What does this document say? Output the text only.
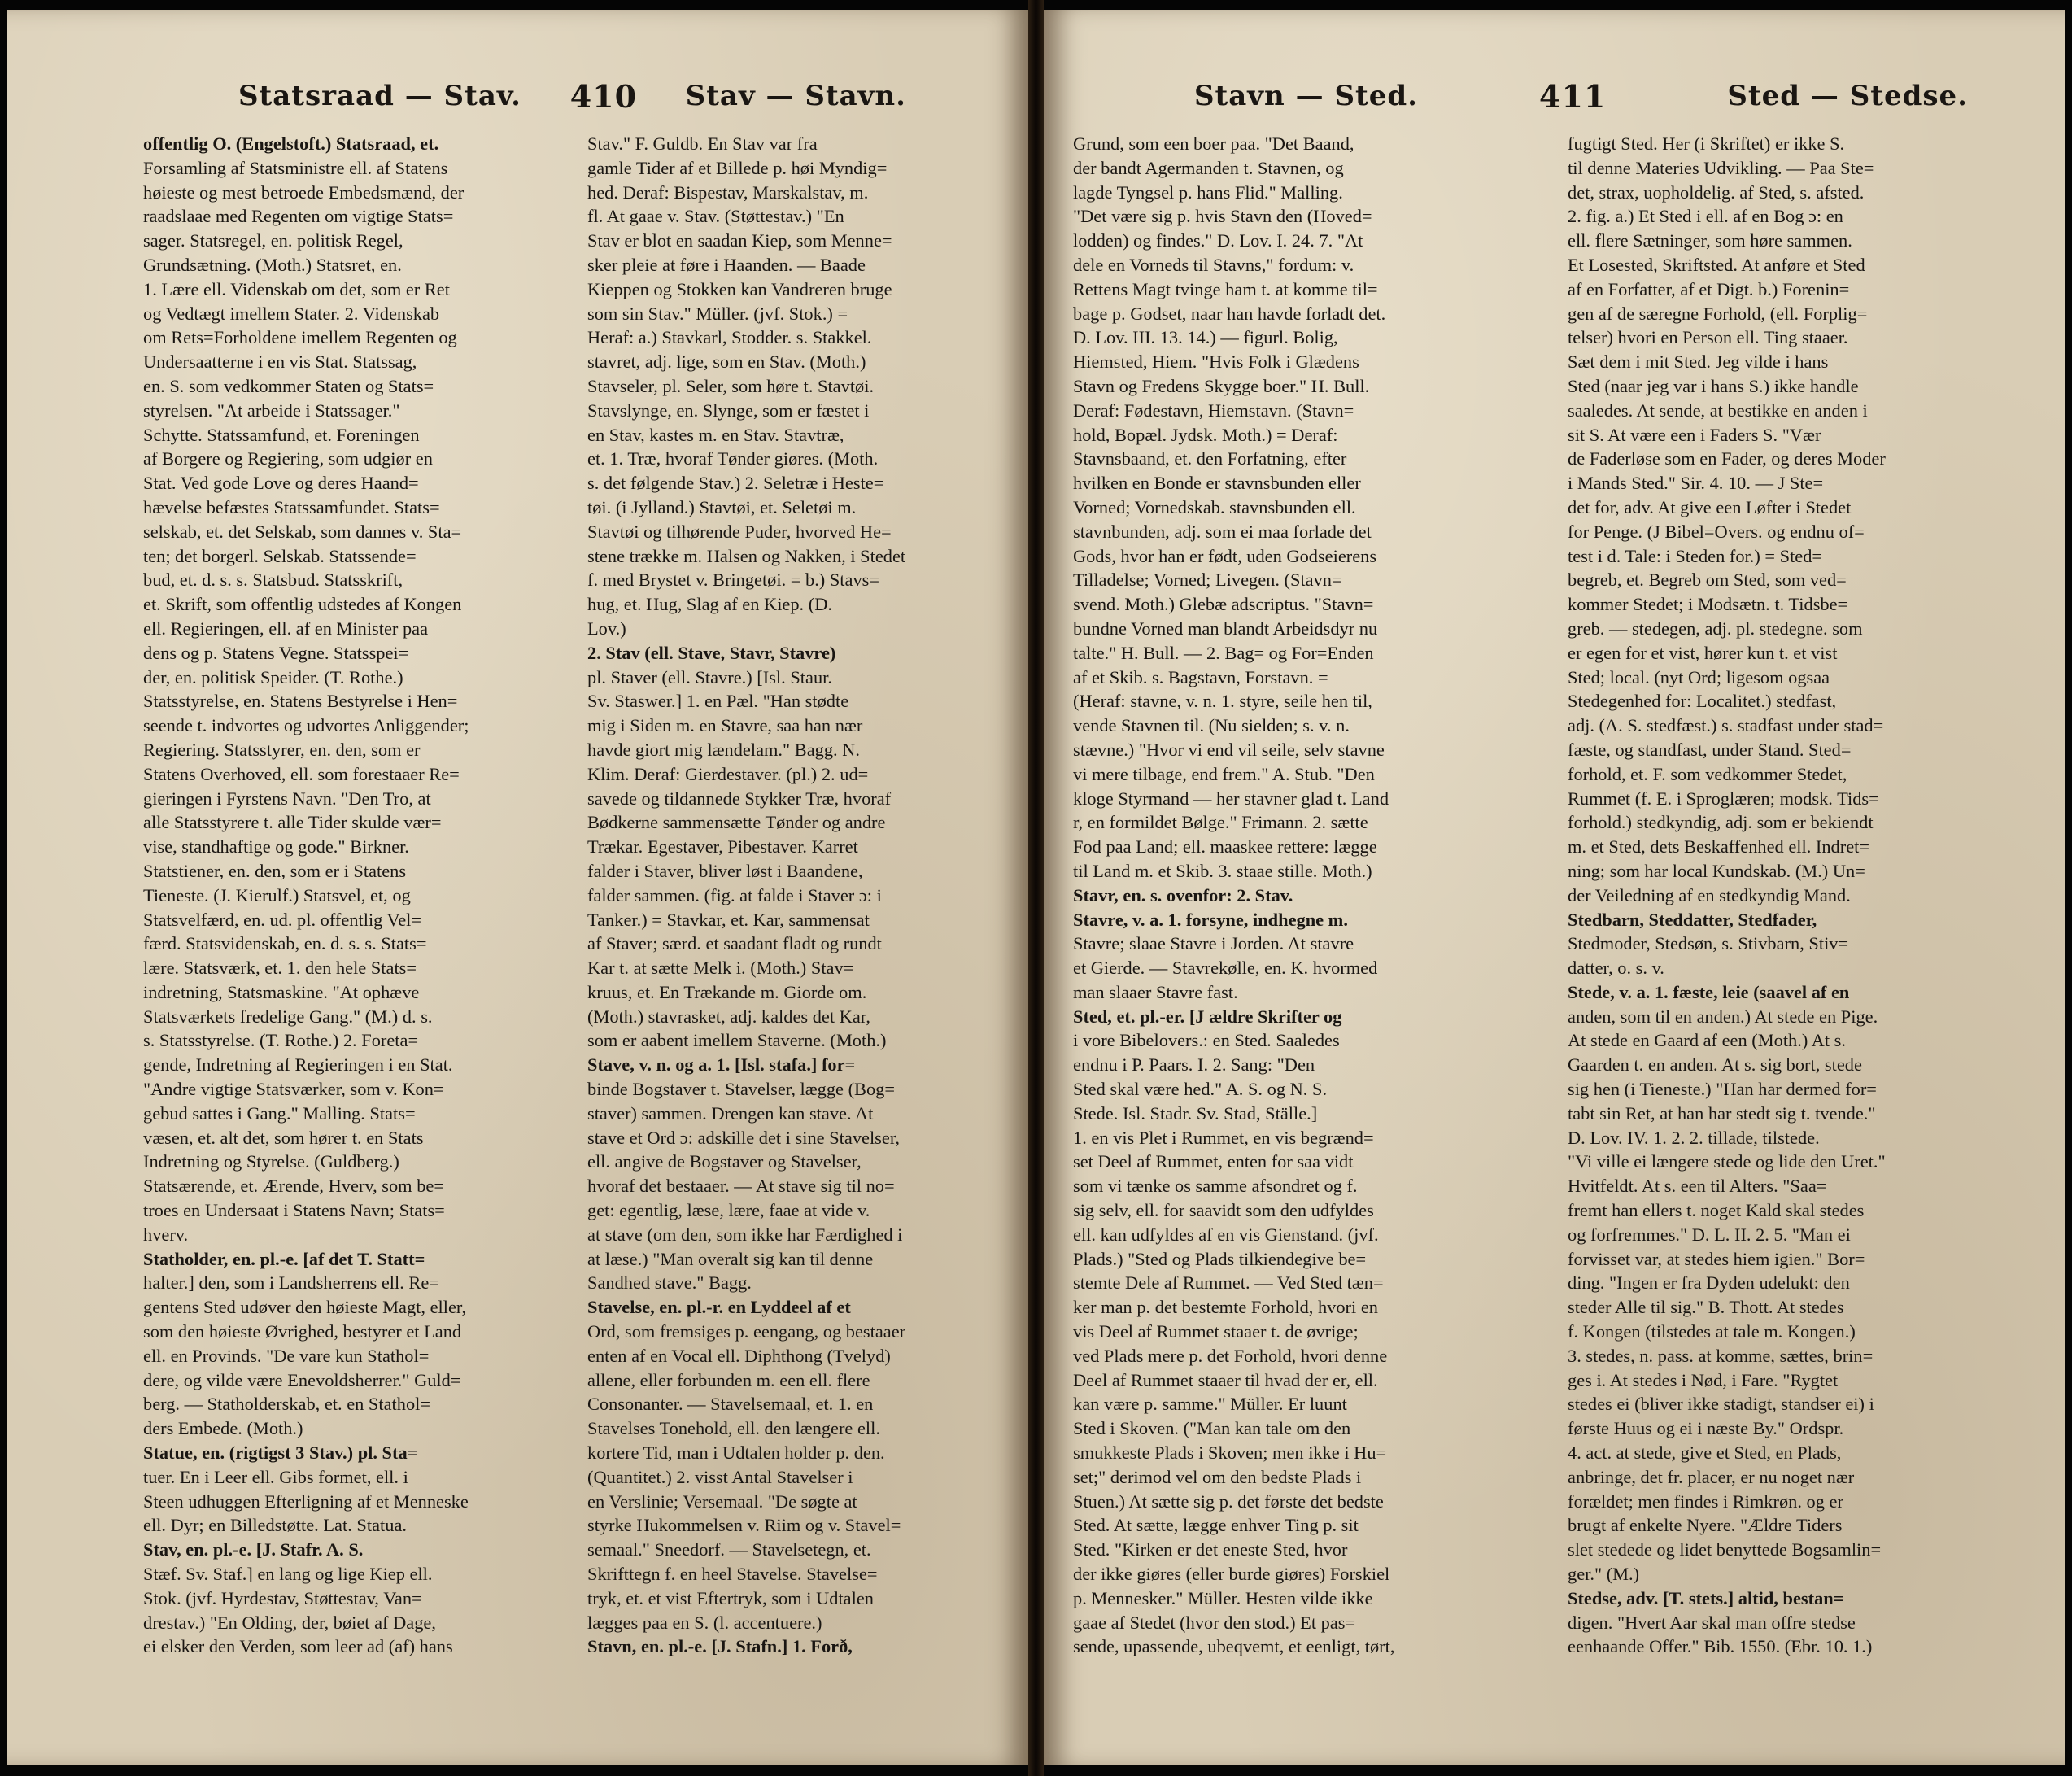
Statsraad — Stav. 410 Stav — Stavn.
offentlig O. (Engelstoft.) Statsraad, et.
Forsamling af Statsministre ell. af Statens
høieste og mest betroede Embedsmænd, der
raadslaae med Regenten om vigtige Stats=
sager. Statsregel, en. politisk Regel,
Grundsætning. (Moth.) Statsret, en.
1. Lære ell. Videnskab om det, som er Ret
og Vedtægt imellem Stater. 2. Videnskab
om Rets=Forholdene imellem Regenten og
Undersaatterne i en vis Stat. Statssag,
en. S. som vedkommer Staten og Stats=
styrelsen. "At arbeide i Statssager."
Schytte. Statssamfund, et. Foreningen
af Borgere og Regiering, som udgiør en
Stat. Ved gode Love og deres Haand=
hævelse befæstes Statssamfundet. Stats=
selskab, et. det Selskab, som dannes v. Sta=
ten; det borgerl. Selskab. Statssende=
bud, et. d. s. s. Statsbud. Statsskrift,
et. Skrift, som offentlig udstedes af Kongen
ell. Regieringen, ell. af en Minister paa
dens og p. Statens Vegne. Statsspei=
der, en. politisk Speider. (T. Rothe.)
Statsstyrelse, en. Statens Bestyrelse i Hen=
seende t. indvortes og udvortes Anliggender;
Regiering. Statsstyrer, en. den, som er
Statens Overhoved, ell. som forestaaer Re=
gieringen i Fyrstens Navn. "Den Tro, at
alle Statsstyrere t. alle Tider skulde vær=
vise, standhaftige og gode." Birkner.
Statstiener, en. den, som er i Statens
Tieneste. (J. Kierulf.) Statsvel, et, og
Statsvelfærd, en. ud. pl. offentlig Vel=
færd. Statsvidenskab, en. d. s. s. Stats=
lære. Statsværk, et. 1. den hele Stats=
indretning, Statsmaskine. "At ophæve
Statsværkets fredelige Gang." (M.) d. s.
s. Statsstyrelse. (T. Rothe.) 2. Foreta=
gende, Indretning af Regieringen i en Stat.
"Andre vigtige Statsværker, som v. Kon=
gebud sattes i Gang." Malling. Stats=
væsen, et. alt det, som hører t. en Stats
Indretning og Styrelse. (Guldberg.)
Statsærende, et. Ærende, Hverv, som be=
troes en Undersaat i Statens Navn; Stats=
hverv.
Statholder, en. pl.-e. [af det T. Statt=
halter.] den, som i Landsherrens ell. Re=
gentens Sted udøver den høieste Magt, eller,
som den høieste Øvrighed, bestyrer et Land
ell. en Provinds. "De vare kun Stathol=
dere, og vilde være Enevoldsherrer." Guld=
berg. — Statholderskab, et. en Stathol=
ders Embede. (Moth.)
Statue, en. (rigtigst 3 Stav.) pl. Sta=
tuer. En i Leer ell. Gibs formet, ell. i
Steen udhuggen Efterligning af et Menneske
ell. Dyr; en Billedstøtte. Lat. Statua.
Stav, en. pl.-e. [J. Stafr. A. S.
Stæf. Sv. Staf.] en lang og lige Kiep ell.
Stok. (jvf. Hyrdestav, Støttestav, Van=
drestav.) "En Olding, der, bøiet af Dage,
ei elsker den Verden, som leer ad (af) hans
Stav." F. Guldb. En Stav var fra
gamle Tider af et Billede p. høi Myndig=
hed. Deraf: Bispestav, Marskalstav, m.
fl. At gaae v. Stav. (Støttestav.) "En
Stav er blot en saadan Kiep, som Menne=
sker pleie at føre i Haanden. — Baade
Kieppen og Stokken kan Vandreren bruge
som sin Stav." Müller. (jvf. Stok.) =
Heraf: a.) Stavkarl, Stodder. s. Stakkel.
stavret, adj. lige, som en Stav. (Moth.)
Stavseler, pl. Seler, som høre t. Stavtøi.
Stavslynge, en. Slynge, som er fæstet i
en Stav, kastes m. en Stav. Stavtræ,
et. 1. Træ, hvoraf Tønder giøres. (Moth.
s. det følgende Stav.) 2. Seletræ i Heste=
tøi. (i Jylland.) Stavtøi, et. Seletøi m.
Stavtøi og tilhørende Puder, hvorved He=
stene trække m. Halsen og Nakken, i Stedet
f. med Brystet v. Bringetøi. = b.) Stavs=
hug, et. Hug, Slag af en Kiep. (D.
Lov.)
2. Stav (ell. Stave, Stavr, Stavre)
pl. Staver (ell. Stavre.) [Isl. Staur.
Sv. Staswer.] 1. en Pæl. "Han stødte
mig i Siden m. en Stavre, saa han nær
havde giort mig lændelam." Bagg. N.
Klim. Deraf: Gierdestaver. (pl.) 2. ud=
savede og tildannede Stykker Træ, hvoraf
Bødkerne sammensætte Tønder og andre
Trækar. Egestaver, Pibestaver. Karret
falder i Staver, bliver løst i Baandene,
falder sammen. (fig. at falde i Staver ɔ: i
Tanker.) = Stavkar, et. Kar, sammensat
af Staver; særd. et saadant fladt og rundt
Kar t. at sætte Melk i. (Moth.) Stav=
kruus, et. En Trækande m. Giorde om.
(Moth.) stavrasket, adj. kaldes det Kar,
som er aabent imellem Staverne. (Moth.)
Stave, v. n. og a. 1. [Isl. stafa.] for=
binde Bogstaver t. Stavelser, lægge (Bog=
staver) sammen. Drengen kan stave. At
stave et Ord ɔ: adskille det i sine Stavelser,
ell. angive de Bogstaver og Stavelser,
hvoraf det bestaaer. — At stave sig til no=
get: egentlig, læse, lære, faae at vide v.
at stave (om den, som ikke har Færdighed i
at læse.) "Man overalt sig kan til denne
Sandhed stave." Bagg.
Stavelse, en. pl.-r. en Lyddeel af et
Ord, som fremsiges p. eengang, og bestaaer
enten af en Vocal ell. Diphthong (Tvelyd)
allene, eller forbunden m. een ell. flere
Consonanter. — Stavelsemaal, et. 1. en
Stavelses Tonehold, ell. den længere ell.
kortere Tid, man i Udtalen holder p. den.
(Quantitet.) 2. visst Antal Stavelser i
en Verslinie; Versemaal. "De søgte at
styrke Hukommelsen v. Riim og v. Stavel=
semaal." Sneedorf. — Stavelsetegn, et.
Skrifttegn f. en heel Stavelse. Stavelse=
tryk, et. et vist Eftertryk, som i Udtalen
lægges paa en S. (l. accentuere.)
Stavn, en. pl.-e. [J. Stafn.] 1. Forð,
Stavn — Sted.	411	Sted — Stedse.
Grund, som een boer paa. "Det Baand,
der bandt Agermanden t. Stavnen, og
lagde Tyngsel p. hans Flid." Malling.
"Det være sig p. hvis Stavn den (Hoved=
lodden) og findes." D. Lov. I. 24. 7. "At
dele en Vorneds til Stavns," fordum: v.
Rettens Magt tvinge ham t. at komme til=
bage p. Godset, naar han havde forladt det.
D. Lov. III. 13. 14.) — figurl. Bolig,
Hiemsted, Hiem. "Hvis Folk i Glædens
Stavn og Fredens Skygge boer." H. Bull.
Deraf: Fødestavn, Hiemstavn. (Stavn=
hold, Bopæl. Jydsk. Moth.) = Deraf:
Stavnsbaand, et. den Forfatning, efter
hvilken en Bonde er stavnsbunden eller
Vorned; Vornedskab. stavnsbunden ell.
stavnbunden, adj. som ei maa forlade det
Gods, hvor han er født, uden Godseierens
Tilladelse; Vorned; Livegen. (Stavn=
svend. Moth.) Glebæ adscriptus. "Stavn=
bundne Vorned man blandt Arbeidsdyr nu
talte." H. Bull. — 2. Bag= og For=Enden
af et Skib. s. Bagstavn, Forstavn. =
(Heraf: stavne, v. n. 1. styre, seile hen til,
vende Stavnen til. (Nu sielden; s. v. n.
stævne.) "Hvor vi end vil seile, selv stavne
vi mere tilbage, end frem." A. Stub. "Den
kloge Styrmand — her stavner glad t. Land
r, en formildet Bølge." Frimann. 2. sætte
Fod paa Land; ell. maaskee rettere: lægge
til Land m. et Skib. 3. staae stille. Moth.)
Stavr, en. s. ovenfor: 2. Stav.
Stavre, v. a. 1. forsyne, indhegne m.
Stavre; slaae Stavre i Jorden. At stavre
et Gierde. — Stavrekølle, en. K. hvormed
man slaaer Stavre fast.
Sted, et. pl.-er. [J ældre Skrifter og
i vore Bibelovers.: en Sted. Saaledes
endnu i P. Paars. I. 2. Sang: "Den
Sted skal være hed." A. S. og N. S.
Stede. Isl. Stadr. Sv. Stad, Ställe.]
1. en vis Plet i Rummet, en vis begrænd=
set Deel af Rummet, enten for saa vidt
som vi tænke os samme afsondret og f.
sig selv, ell. for saavidt som den udfyldes
ell. kan udfyldes af en vis Gienstand. (jvf.
Plads.) "Sted og Plads tilkiendegive be=
stemte Dele af Rummet. — Ved Sted tæn=
ker man p. det bestemte Forhold, hvori en
vis Deel af Rummet staaer t. de øvrige;
ved Plads mere p. det Forhold, hvori denne
Deel af Rummet staaer til hvad der er, ell.
kan være p. samme." Müller. Er luunt
Sted i Skoven. ("Man kan tale om den
smukkeste Plads i Skoven; men ikke i Hu=
set;" derimod vel om den bedste Plads i
Stuen.) At sætte sig p. det første det bedste
Sted. At sætte, lægge enhver Ting p. sit
Sted. "Kirken er det eneste Sted, hvor
der ikke giøres (eller burde giøres) Forskiel
p. Mennesker." Müller. Hesten vilde ikke
gaae af Stedet (hvor den stod.) Et pas=
sende, upassende, ubeqvemt, et eenligt, tørt,
fugtigt Sted. Her (i Skriftet) er ikke S.
til denne Materies Udvikling. — Paa Ste=
det, strax, uopholdelig. af Sted, s. afsted.
2. fig. a.) Et Sted i ell. af en Bog ɔ: en
ell. flere Sætninger, som høre sammen.
Et Losested, Skriftsted. At anføre et Sted
af en Forfatter, af et Digt. b.) Forenin=
gen af de særegne Forhold, (ell. Forplig=
telser) hvori en Person ell. Ting staaer.
Sæt dem i mit Sted. Jeg vilde i hans
Sted (naar jeg var i hans S.) ikke handle
saaledes. At sende, at bestikke en anden i
sit S. At være een i Faders S. "Vær
de Faderløse som en Fader, og deres Moder
i Mands Sted." Sir. 4. 10. — J Ste=
det for, adv. At give een Løfter i Stedet
for Penge. (J Bibel=Overs. og endnu of=
test i d. Tale: i Steden for.) = Sted=
begreb, et. Begreb om Sted, som ved=
kommer Stedet; i Modsætn. t. Tidsbe=
greb. — stedegen, adj. pl. stedegne. som
er egen for et vist, hører kun t. et vist
Sted; local. (nyt Ord; ligesom ogsaa
Stedegenhed for: Localitet.) stedfast,
adj. (A. S. stedfæst.) s. stadfast under stad=
fæste, og standfast, under Stand. Sted=
forhold, et. F. som vedkommer Stedet,
Rummet (f. E. i Sproglæren; modsk. Tids=
forhold.) stedkyndig, adj. som er bekiendt
m. et Sted, dets Beskaffenhed ell. Indret=
ning; som har local Kundskab. (M.) Un=
der Veiledning af en stedkyndig Mand.
Stedbarn, Steddatter, Stedfader,
Stedmoder, Stedsøn, s. Stivbarn, Stiv=
datter, o. s. v.
Stede, v. a. 1. fæste, leie (saavel af en
anden, som til en anden.) At stede en Pige.
At stede en Gaard af een (Moth.) At s.
Gaarden t. en anden. At s. sig bort, stede
sig hen (i Tieneste.) "Han har dermed for=
tabt sin Ret, at han har stedt sig t. tvende."
D. Lov. IV. 1. 2. 2. tillade, tilstede.
"Vi ville ei længere stede og lide den Uret."
Hvitfeldt. At s. een til Alters. "Saa=
fremt han ellers t. noget Kald skal stedes
og forfremmes." D. L. II. 2. 5. "Man ei
forvisset var, at stedes hiem igien." Bor=
ding. "Ingen er fra Dyden udelukt: den
steder Alle til sig." B. Thott. At stedes
f. Kongen (tilstedes at tale m. Kongen.)
3. stedes, n. pass. at komme, sættes, brin=
ges i. At stedes i Nød, i Fare. "Rygtet
stedes ei (bliver ikke stadigt, standser ei) i
første Huus og ei i næste By." Ordspr.
4. act. at stede, give et Sted, en Plads,
anbringe, det fr. placer, er nu noget nær
forældet; men findes i Rimkrøn. og er
brugt af enkelte Nyere. "Ældre Tiders
slet stedede og lidet benyttede Bogsamlin=
ger." (M.)
Stedse, adv. [T. stets.] altid, bestan=
digen. "Hvert Aar skal man offre stedse
eenhaande Offer." Bib. 1550. (Ebr. 10. 1.)
